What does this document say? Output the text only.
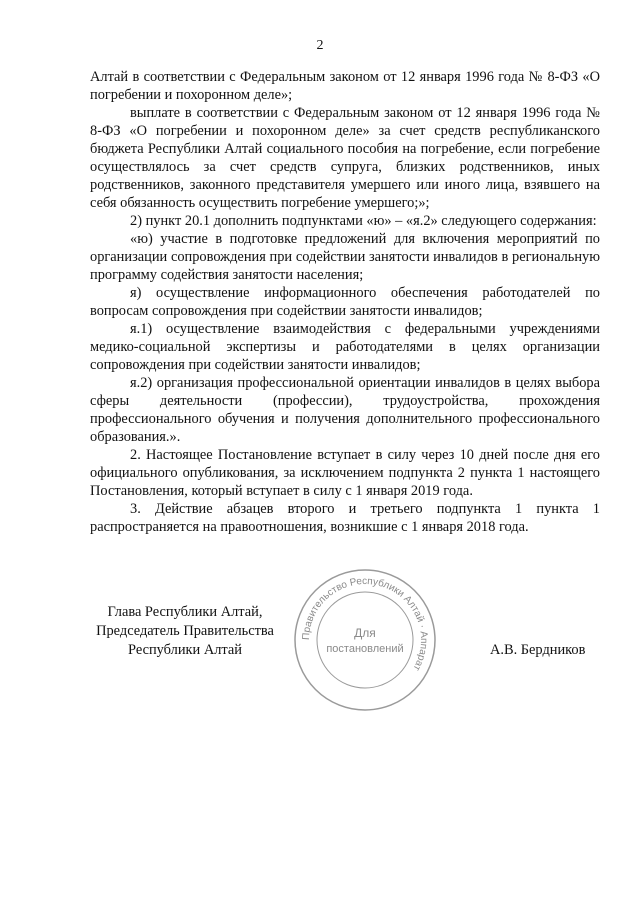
2

Алтай в соответствии с Федеральным законом от 12 января 1996 года № 8-ФЗ «О погребении и похоронном деле»;

выплате в соответствии с Федеральным законом от 12 января 1996 года № 8-ФЗ «О погребении и похоронном деле» за счет средств республиканского бюджета Республики Алтай социального пособия на погребение, если погребение осуществлялось за счет средств супруга, близких родственников, иных родственников, законного представителя умершего или иного лица, взявшего на себя обязанность осуществить погребение умершего;»;

2) пункт 20.1 дополнить подпунктами «ю» – «я.2» следующего содержания:

«ю) участие в подготовке предложений для включения мероприятий по организации сопровождения при содействии занятости инвалидов в региональную программу содействия занятости населения;

я) осуществление информационного обеспечения работодателей по вопросам сопровождения при содействии занятости инвалидов;

я.1) осуществление взаимодействия с федеральными учреждениями медико-социальной экспертизы и работодателями в целях организации сопровождения при содействии занятости инвалидов;

я.2) организация профессиональной ориентации инвалидов в целях выбора сферы деятельности (профессии), трудоустройства, прохождения профессионального обучения и получения дополнительного профессионального образования.».

2. Настоящее Постановление вступает в силу через 10 дней после дня его официального опубликования, за исключением подпункта 2 пункта 1 настоящего Постановления, который вступает в силу с 1 января 2019 года.

3. Действие абзацев второго и третьего подпункта 1 пункта 1 распространяется на правоотношения, возникшие с 1 января 2018 года.

Правительство Республики Алтай · Аппарат
Для
постановлений
Глава Республики Алтай,
Председатель Правительства
Республики Алтай	А.В. Бердников
